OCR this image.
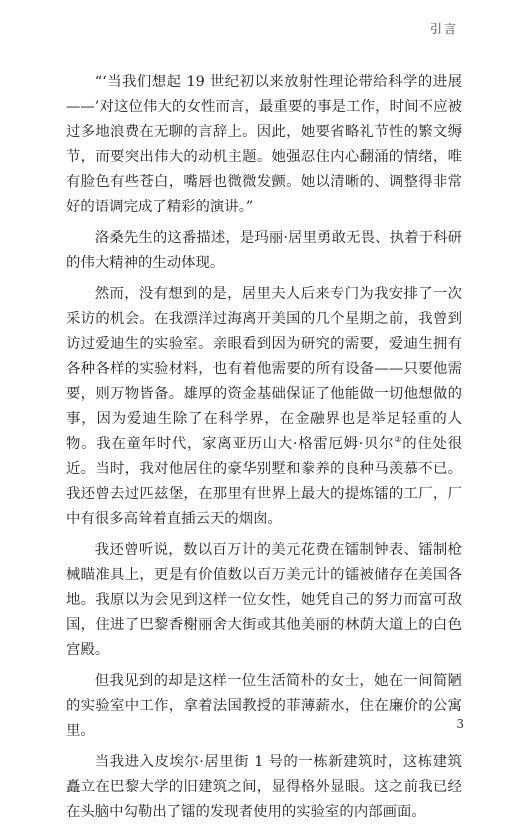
引言

“‘当我们想起 19 世纪初以来放射性理论带给科学的进展——’对这位伟大的女性而言，最重要的事是工作，时间不应被过多地浪费在无聊的言辞上。因此，她要省略礼节性的繁文缛节，而要突出伟大的动机主题。她强忍住内心翻涌的情绪，唯有脸色有些苍白，嘴唇也微微发颤。她以清晰的、调整得非常好的语调完成了精彩的演讲。”

洛桑先生的这番描述，是玛丽·居里勇敢无畏、执着于科研的伟大精神的生动体现。

然而，没有想到的是，居里夫人后来专门为我安排了一次采访的机会。在我漂洋过海离开美国的几个星期之前，我曾到访过爱迪生的实验室。亲眼看到因为研究的需要，爱迪生拥有各种各样的实验材料，也有着他需要的所有设备——只要他需要，则万物皆备。雄厚的资金基础保证了他能做一切他想做的事，因为爱迪生除了在科学界，在金融界也是举足轻重的人物。我在童年时代，家离亚历山大·格雷厄姆·贝尔②的住处很近。当时，我对他居住的豪华别墅和豢养的良种马羡慕不已。我还曾去过匹兹堡，在那里有世界上最大的提炼镭的工厂，厂中有很多高耸着直插云天的烟囱。

我还曾听说，数以百万计的美元花费在镭制钟表、镭制枪械瞄准具上，更是有价值数以百万美元计的镭被储存在美国各地。我原以为会见到这样一位女性，她凭自己的努力而富可敌国，住进了巴黎香榭丽舍大街或其他美丽的林荫大道上的白色宫殿。

但我见到的却是这样一位生活简朴的女士，她在一间简陋的实验室中工作，拿着法国教授的菲薄薪水，住在廉价的公寓里。

当我进入皮埃尔·居里街 1 号的一栋新建筑时，这栋建筑矗立在巴黎大学的旧建筑之间，显得格外显眼。这之前我已经在头脑中勾勒出了镭的发现者使用的实验室的内部画面。

3
